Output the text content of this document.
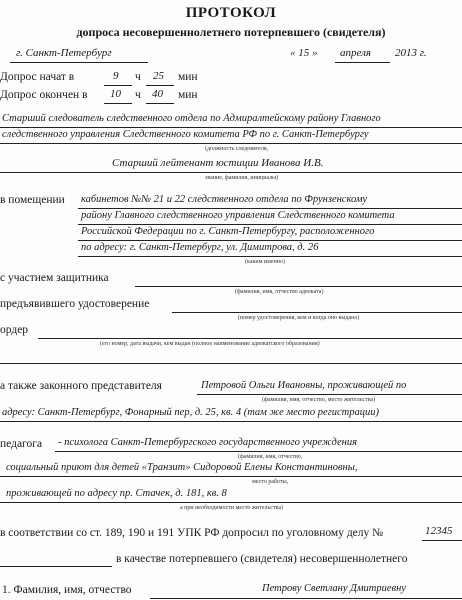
ПРОТОКОЛ
допроса несовершеннолетнего потерпевшего (свидетеля)
г. Санкт-Петербург	« 15 » апреля 2013 г.
Допрос начат в	9 ч 25 мин
Допрос окончен в 10 ч 40 мин
Старший следователь следственного отдела по Адмиралтейскому району Главного
следственного управления Следственного комитета РФ по г. Санкт-Петербургу
(должность следователя,
Старший лейтенант юстиции Иванова И.В.
звание, фамилия, инициалы)
в помещении кабинетов №№ 21 и 22 следственного отдела по Фрунзенскому
району Главного следственного управления Следственного комитета
Российской Федерации по г. Санкт-Петербургу, расположенного
по адресу: г. Санкт-Петербург, ул. Димитрова, д. 26
(каким именно)
с участием защитника
(фамилия, имя, отчество адвоката)
предъявившего удостоверение
(номер удостоверения, кем и когда оно выдано)
ордер
(его номер, дата выдачи, кем выдан (полное наименование адвокатского образования)
а также законного представителя	Петровой Ольги Ивановны, проживающей по
(фамилия, имя, отчество, место жительства)
адресу: Санкт-Петербург, Фонарный пер, д. 25, кв. 4 (там же место регистрации)
педагога - психолога Санкт-Петербургского государственного учреждения
(фамилия, имя, отчество,
социальный приют для детей «Транзит» Сидоровой Елены Константиновны,
место работы,
проживающей по адресу пр. Стачек, д. 181, кв. 8
а при необходимости место жительства)
в соответствии со ст. 189, 190 и 191 УПК РФ допросил по уголовному делу №	12345
в качестве потерпевшего (свидетеля) несовершеннолетнего
1. Фамилия, имя, отчество	Петрову Светлану Дмитриевну
